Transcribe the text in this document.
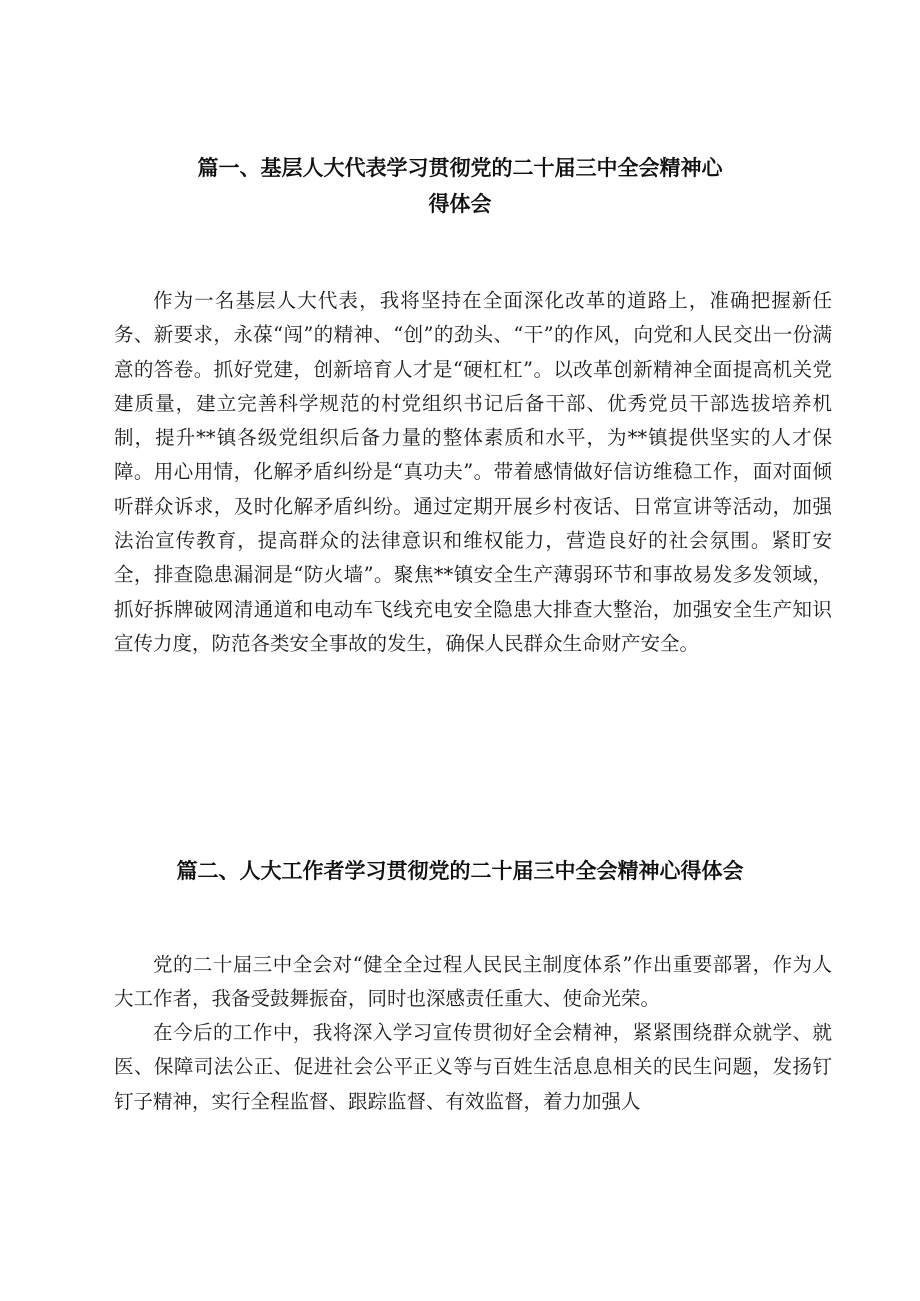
篇一、基层人大代表学习贯彻党的二十届三中全会精神心
得体会

作为一名基层人大代表，我将坚持在全面深化改革的道路上，准确把握新任务、新要求，永葆“闯”的精神、“创”的劲头、“干”的作风，向党和人民交出一份满意的答卷。抓好党建，创新培育人才是“硬杠杠”。以改革创新精神全面提高机关党建质量，建立完善科学规范的村党组织书记后备干部、优秀党员干部选拔培养机制，提升**镇各级党组织后备力量的整体素质和水平，为**镇提供坚实的人才保障。用心用情，化解矛盾纠纷是“真功夫”。带着感情做好信访维稳工作，面对面倾听群众诉求，及时化解矛盾纠纷。通过定期开展乡村夜话、日常宣讲等活动，加强法治宣传教育，提高群众的法律意识和维权能力，营造良好的社会氛围。紧盯安全，排查隐患漏洞是“防火墙”。聚焦**镇安全生产薄弱环节和事故易发多发领域，抓好拆牌破网清通道和电动车飞线充电安全隐患大排查大整治，加强安全生产知识宣传力度，防范各类安全事故的发生，确保人民群众生命财产安全。

篇二、人大工作者学习贯彻党的二十届三中全会精神心得体会

党的二十届三中全会对“健全全过程人民民主制度体系”作出重要部署，作为人大工作者，我备受鼓舞振奋，同时也深感责任重大、使命光荣。

在今后的工作中，我将深入学习宣传贯彻好全会精神，紧紧围绕群众就学、就医、保障司法公正、促进社会公平正义等与百姓生活息息相关的民生问题，发扬钉钉子精神，实行全程监督、跟踪监督、有效监督，着力加强人
